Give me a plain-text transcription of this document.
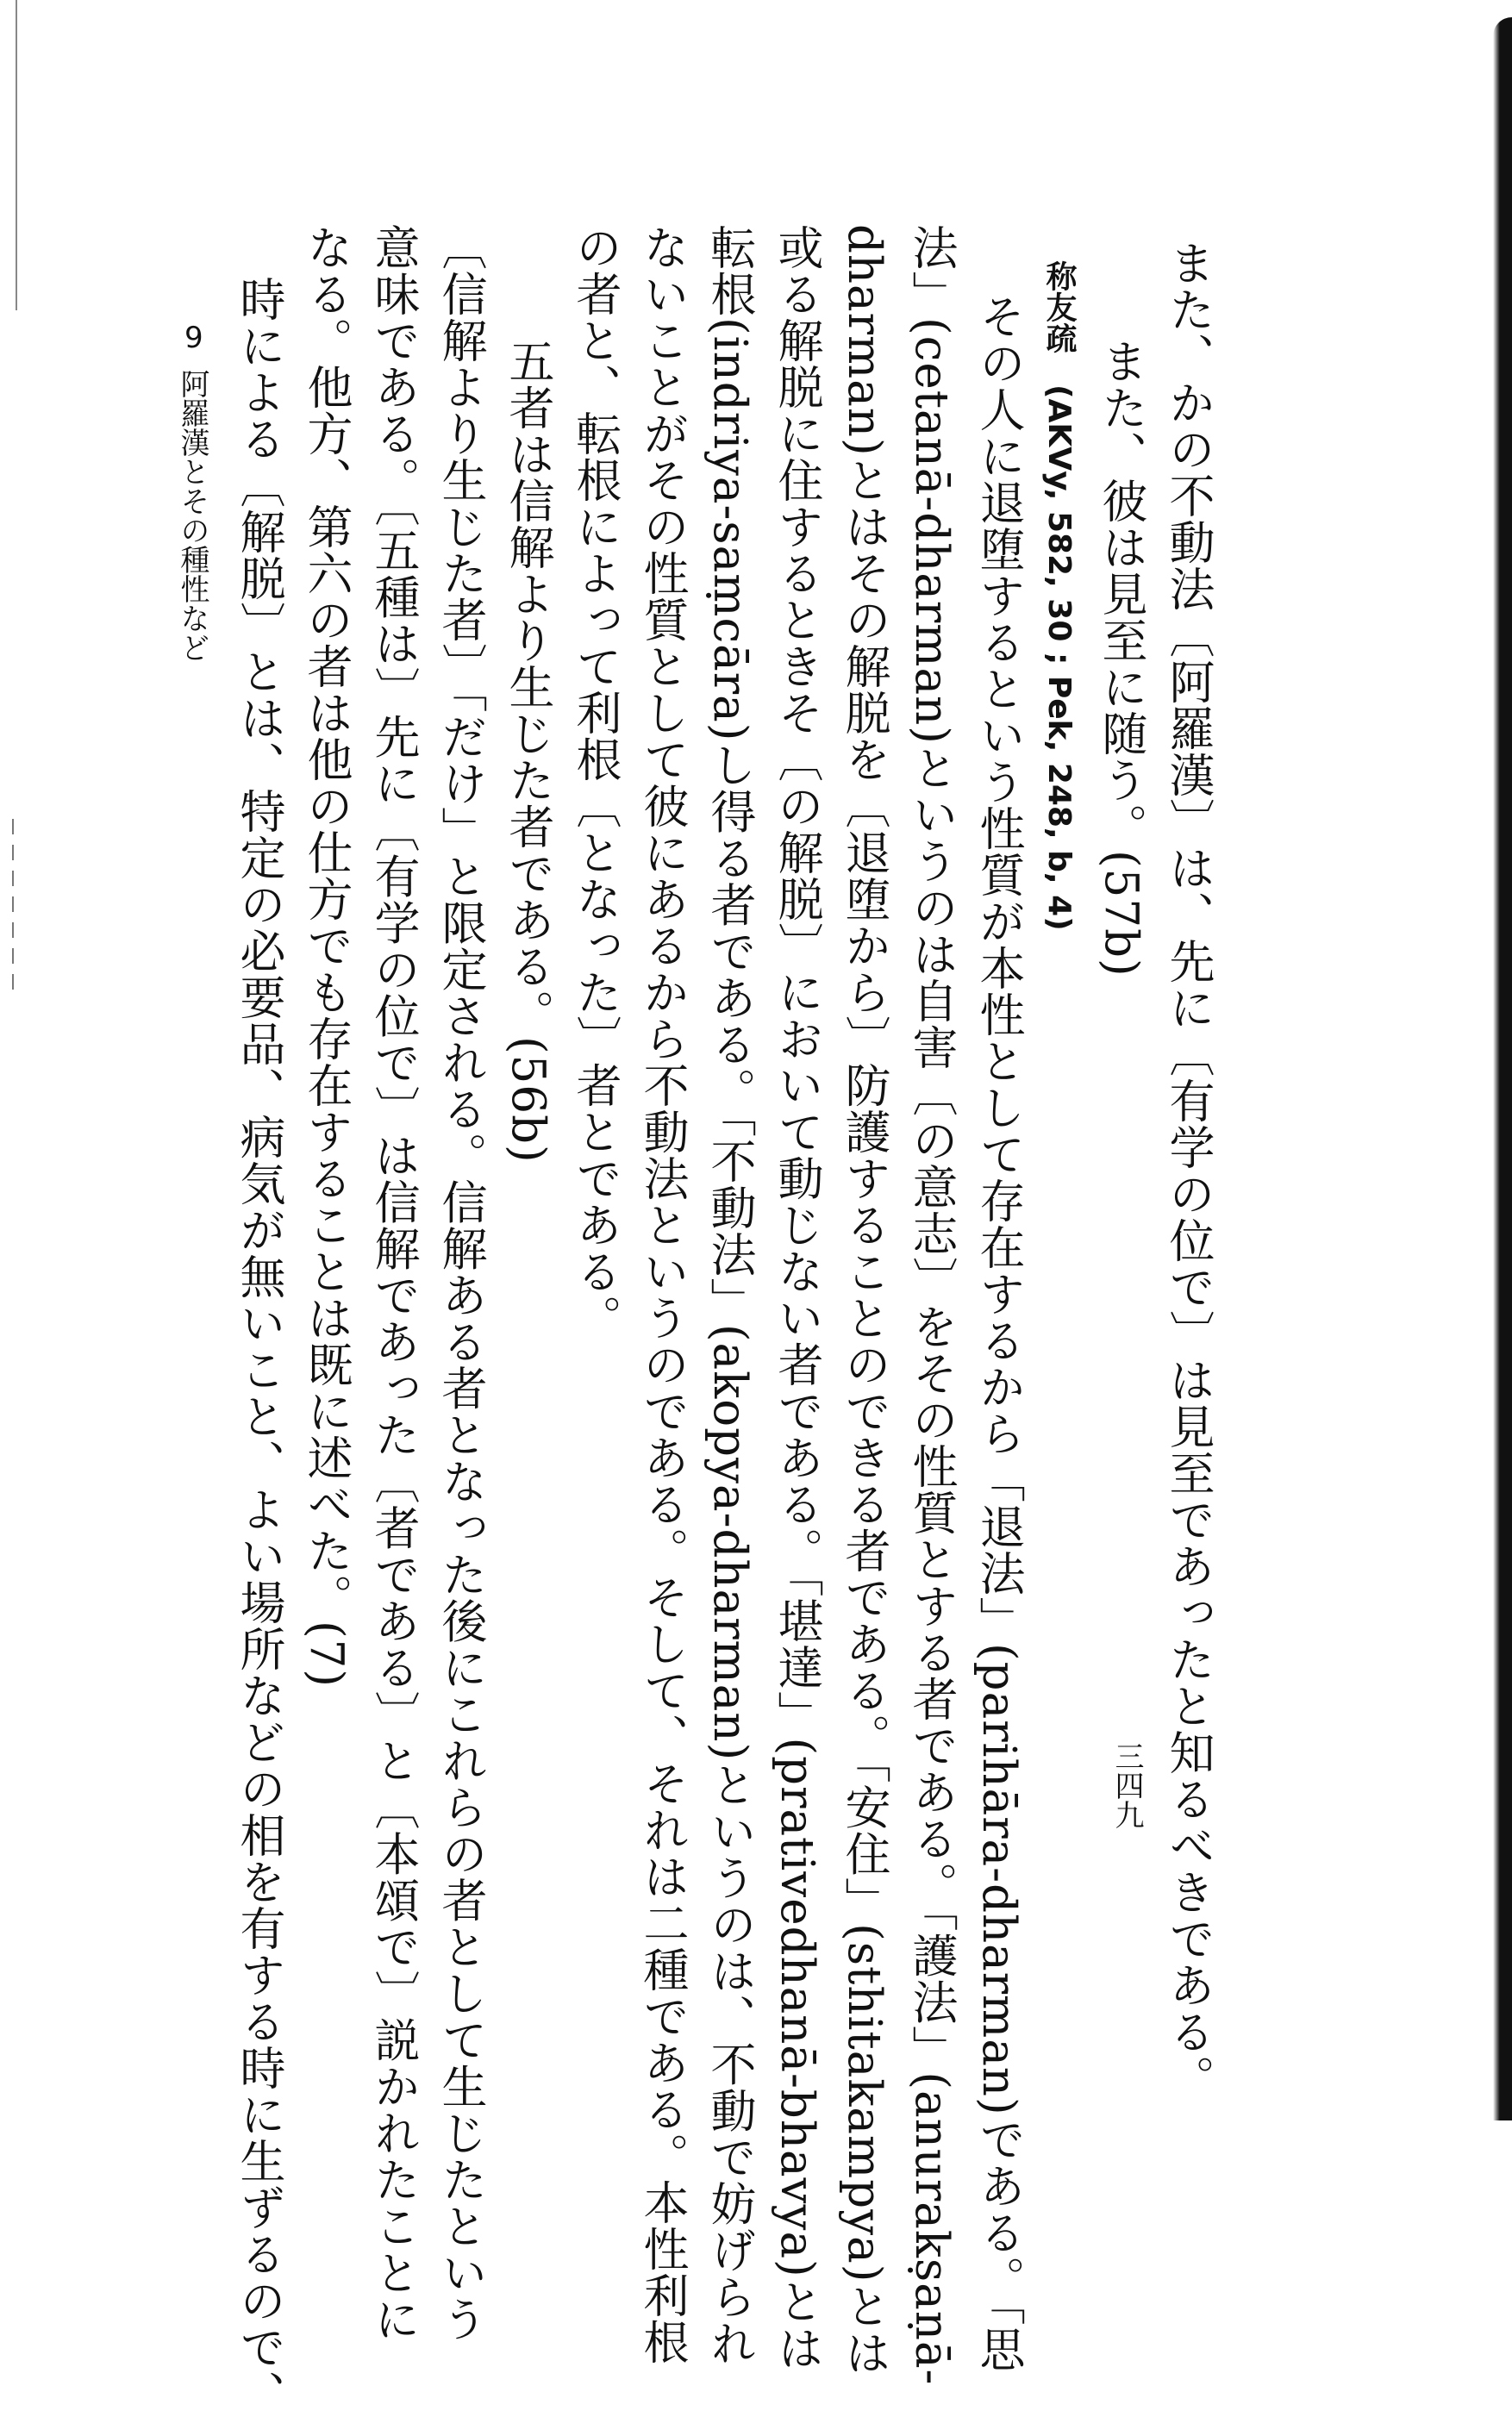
また、かの不動法〔阿羅漢〕は、先に〔有学の位で〕は見至であったと知るべきである。
また、彼は見至に随う。(57b)
称友疏　(AKVy, 582, 30 ; Pek, 248, b, 4)
その人に退堕するという性質が本性として存在するから「退法」(parihāra-dharman)である。「思
法」(cetanā-dharman)というのは自害〔の意志〕をその性質とする者である。「護法」(anurakṣaṇā-
dharman)とはその解脱を〔退堕から〕防護することのできる者である。「安住」(sthitakampya)とは
或る解脱に住するときそ〔の解脱〕において動じない者である。「堪達」(prativedhanā-bhavya)とは
転根(indriya-saṃcāra)し得る者である。「不動法」(akopya-dharman)というのは、不動で妨げられ
ないことがその性質として彼にあるから不動法というのである。そして、それは二種である。本性利根
の者と、転根によって利根〔となった〕者とである。
五者は信解より生じた者である。(56b)
〔信解より生じた者〕「だけ」と限定される。信解ある者となった後にこれらの者として生じたという
意味である。〔五種は〕先に〔有学の位で〕は信解であった〔者である〕と〔本頌で〕説かれたことに
なる。他方、第六の者は他の仕方でも存在することは既に述べた。(7)
時による〔解脱〕とは、特定の必要品、病気が無いこと、よい場所などの相を有する時に生ずるので、
9
阿羅漢とその種性など
三四九
